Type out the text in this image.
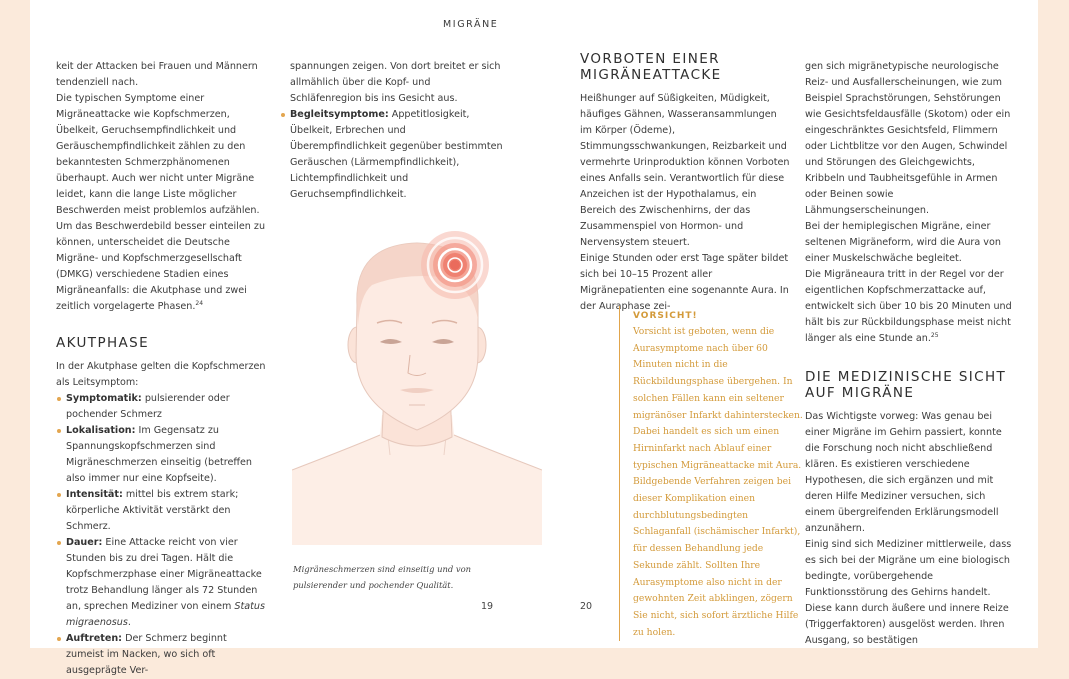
MIGRÄNE

keit der Attacken bei Frauen und Männern tendenziell nach.

Die typischen Symptome einer Migräneattacke wie Kopfschmerzen, Übelkeit, Geruchsempfindlichkeit und Geräuschempfindlichkeit zählen zu den bekanntesten Schmerzphänomenen überhaupt. Auch wer nicht unter Migräne leidet, kann die lange Liste möglicher Beschwerden meist problemlos aufzählen. Um das Beschwerdebild besser einteilen zu können, unterscheidet die Deutsche Migräne- und Kopfschmerzgesellschaft (DMKG) verschiedene Stadien eines Migräneanfalls: die Akutphase und zwei zeitlich vorgelagerte Phasen.$^{24}$

AKUTPHASE

In der Akutphase gelten die Kopfschmerzen als Leitsymptom:

Symptomatik: pulsierender oder pochender Schmerz
Lokalisation: Im Gegensatz zu Spannungskopfschmerzen sind Migräneschmerzen einseitig (betreffen also immer nur eine Kopfseite).
Intensität: mittel bis extrem stark; körperliche Aktivität verstärkt den Schmerz.
Dauer: Eine Attacke reicht von vier Stunden bis zu drei Tagen. Hält die Kopfschmerzphase einer Migräneattacke trotz Behandlung länger als 72 Stunden an, sprechen Mediziner von einem Status migraenosus.
Auftreten: Der Schmerz beginnt zumeist im Nacken, wo sich oft ausgeprägte Ver-

spannungen zeigen. Von dort breitet er sich allmählich über die Kopf- und Schläfenregion bis ins Gesicht aus.

Begleitsymptome: Appetitlosigkeit, Übelkeit, Erbrechen und Überempfindlichkeit gegenüber bestimmten Geräuschen (Lärmempfindlichkeit), Lichtempfindlichkeit und Geruchsempfindlichkeit.
Migräneschmerzen sind einseitig und von pulsierender und pochender Qualität.
19
VORBOTEN EINER MIGRÄNEATTACKE

Heißhunger auf Süßigkeiten, Müdigkeit, häufiges Gähnen, Wasseransammlungen im Körper (Ödeme), Stimmungsschwankungen, Reizbarkeit und vermehrte Urinproduktion können Vorboten eines Anfalls sein. Verantwortlich für diese Anzeichen ist der Hypothalamus, ein Bereich des Zwischenhirns, der das Zusammenspiel von Hormon- und Nervensystem steuert.

Einige Stunden oder erst Tage später bildet sich bei 10–15 Prozent aller Migränepatienten eine sogenannte Aura. In der Auraphase zei-

VORSICHT!
Vorsicht ist geboten, wenn die Aurasymptome nach über 60 Minuten nicht in die Rückbildungsphase übergehen. In solchen Fällen kann ein seltener migränöser Infarkt dahinterstecken. Dabei handelt es sich um einen Hirninfarkt nach Ablauf einer typischen Migräneattacke mit Aura. Bildgebende Verfahren zeigen bei dieser Komplikation einen durchblutungsbedingten Schlaganfall (ischämischer Infarkt), für dessen Behandlung jede Sekunde zählt. Sollten Ihre Aurasymptome also nicht in der gewohnten Zeit abklingen, zögern Sie nicht, sich sofort ärztliche Hilfe zu holen.
20

gen sich migränetypische neurologische Reiz- und Ausfallerscheinungen, wie zum Beispiel Sprachstörungen, Sehstörungen wie Gesichtsfeldausfälle (Skotom) oder ein eingeschränktes Gesichtsfeld, Flimmern oder Lichtblitze vor den Augen, Schwindel und Störungen des Gleichgewichts, Kribbeln und Taubheitsgefühle in Armen oder Beinen sowie Lähmungserscheinungen.

Bei der hemiplegischen Migräne, einer seltenen Migräneform, wird die Aura von einer Muskelschwäche begleitet.

Die Migräneaura tritt in der Regel vor der eigentlichen Kopfschmerzattacke auf, entwickelt sich über 10 bis 20 Minuten und hält bis zur Rückbildungsphase meist nicht länger als eine Stunde an.$^{25}$

DIE MEDIZINISCHE SICHT AUF MIGRÄNE

Das Wichtigste vorweg: Was genau bei einer Migräne im Gehirn passiert, konnte die Forschung noch nicht abschließend klären. Es existieren verschiedene Hypothesen, die sich ergänzen und mit deren Hilfe Mediziner versuchen, sich einem übergreifenden Erklärungsmodell anzunähern.

Einig sind sich Mediziner mittlerweile, dass es sich bei der Migräne um eine biologisch bedingte, vorübergehende Funktionsstörung des Gehirns handelt. Diese kann durch äußere und innere Reize (Triggerfaktoren) ausgelöst werden. Ihren Ausgang, so bestätigen
